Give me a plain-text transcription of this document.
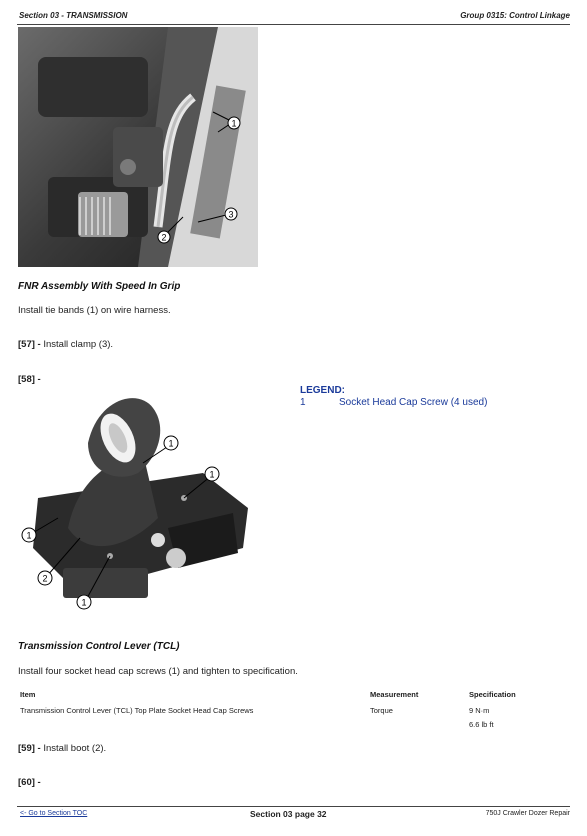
Section 03 - TRANSMISSION	Group 0315: Control Linkage
1
3
2
FNR Assembly With Speed In Grip
Install tie bands (1) on wire harness.
[57] - Install clamp (3).
[58] -
LEGEND:
1	Socket Head Cap Screw (4 used)
1
1
1
2
1
Transmission Control Lever (TCL)
Install four socket head cap screws (1) and tighten to specification.
Item	Measurement	Specification
Transmission Control Lever (TCL) Top Plate Socket Head Cap Screws	Torque	9 N·m
6.6 lb ft
[59] - Install boot (2).
[60] -
<- Go to Section TOC	Section 03 page 32	750J Crawler Dozer Repair
